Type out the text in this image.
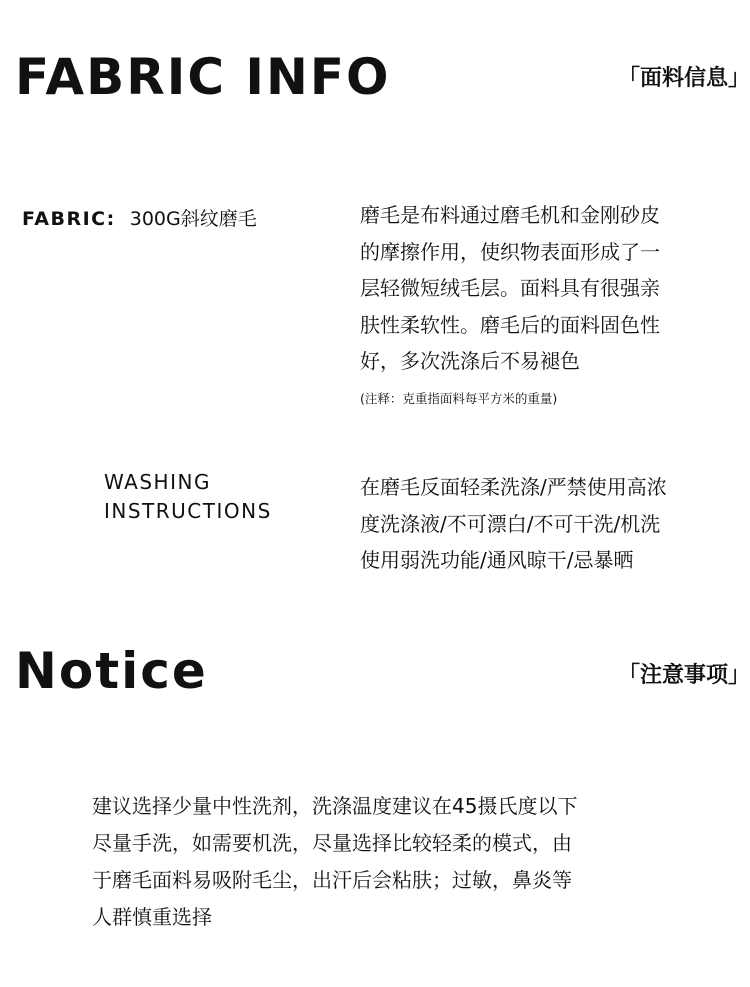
FABRIC INFO	「面料信息」
FABRIC: 300G斜纹磨毛	磨毛是布料通过磨毛机和金刚砂皮
的摩擦作用，使织物表面形成了一
层轻微短绒毛层。面料具有很强亲
肤性柔软性。磨毛后的面料固色性
好，多次洗涤后不易褪色
(注释：克重指面料每平方米的重量)
WASHING
INSTRUCTIONS
在磨毛反面轻柔洗涤/严禁使用高浓
度洗涤液/不可漂白/不可干洗/机洗
使用弱洗功能/通风晾干/忌暴晒
Notice	「注意事项」
建议选择少量中性洗剂，洗涤温度建议在45摄氏度以下
尽量手洗，如需要机洗，尽量选择比较轻柔的模式，由
于磨毛面料易吸附毛尘，出汗后会粘肤；过敏，鼻炎等
人群慎重选择
